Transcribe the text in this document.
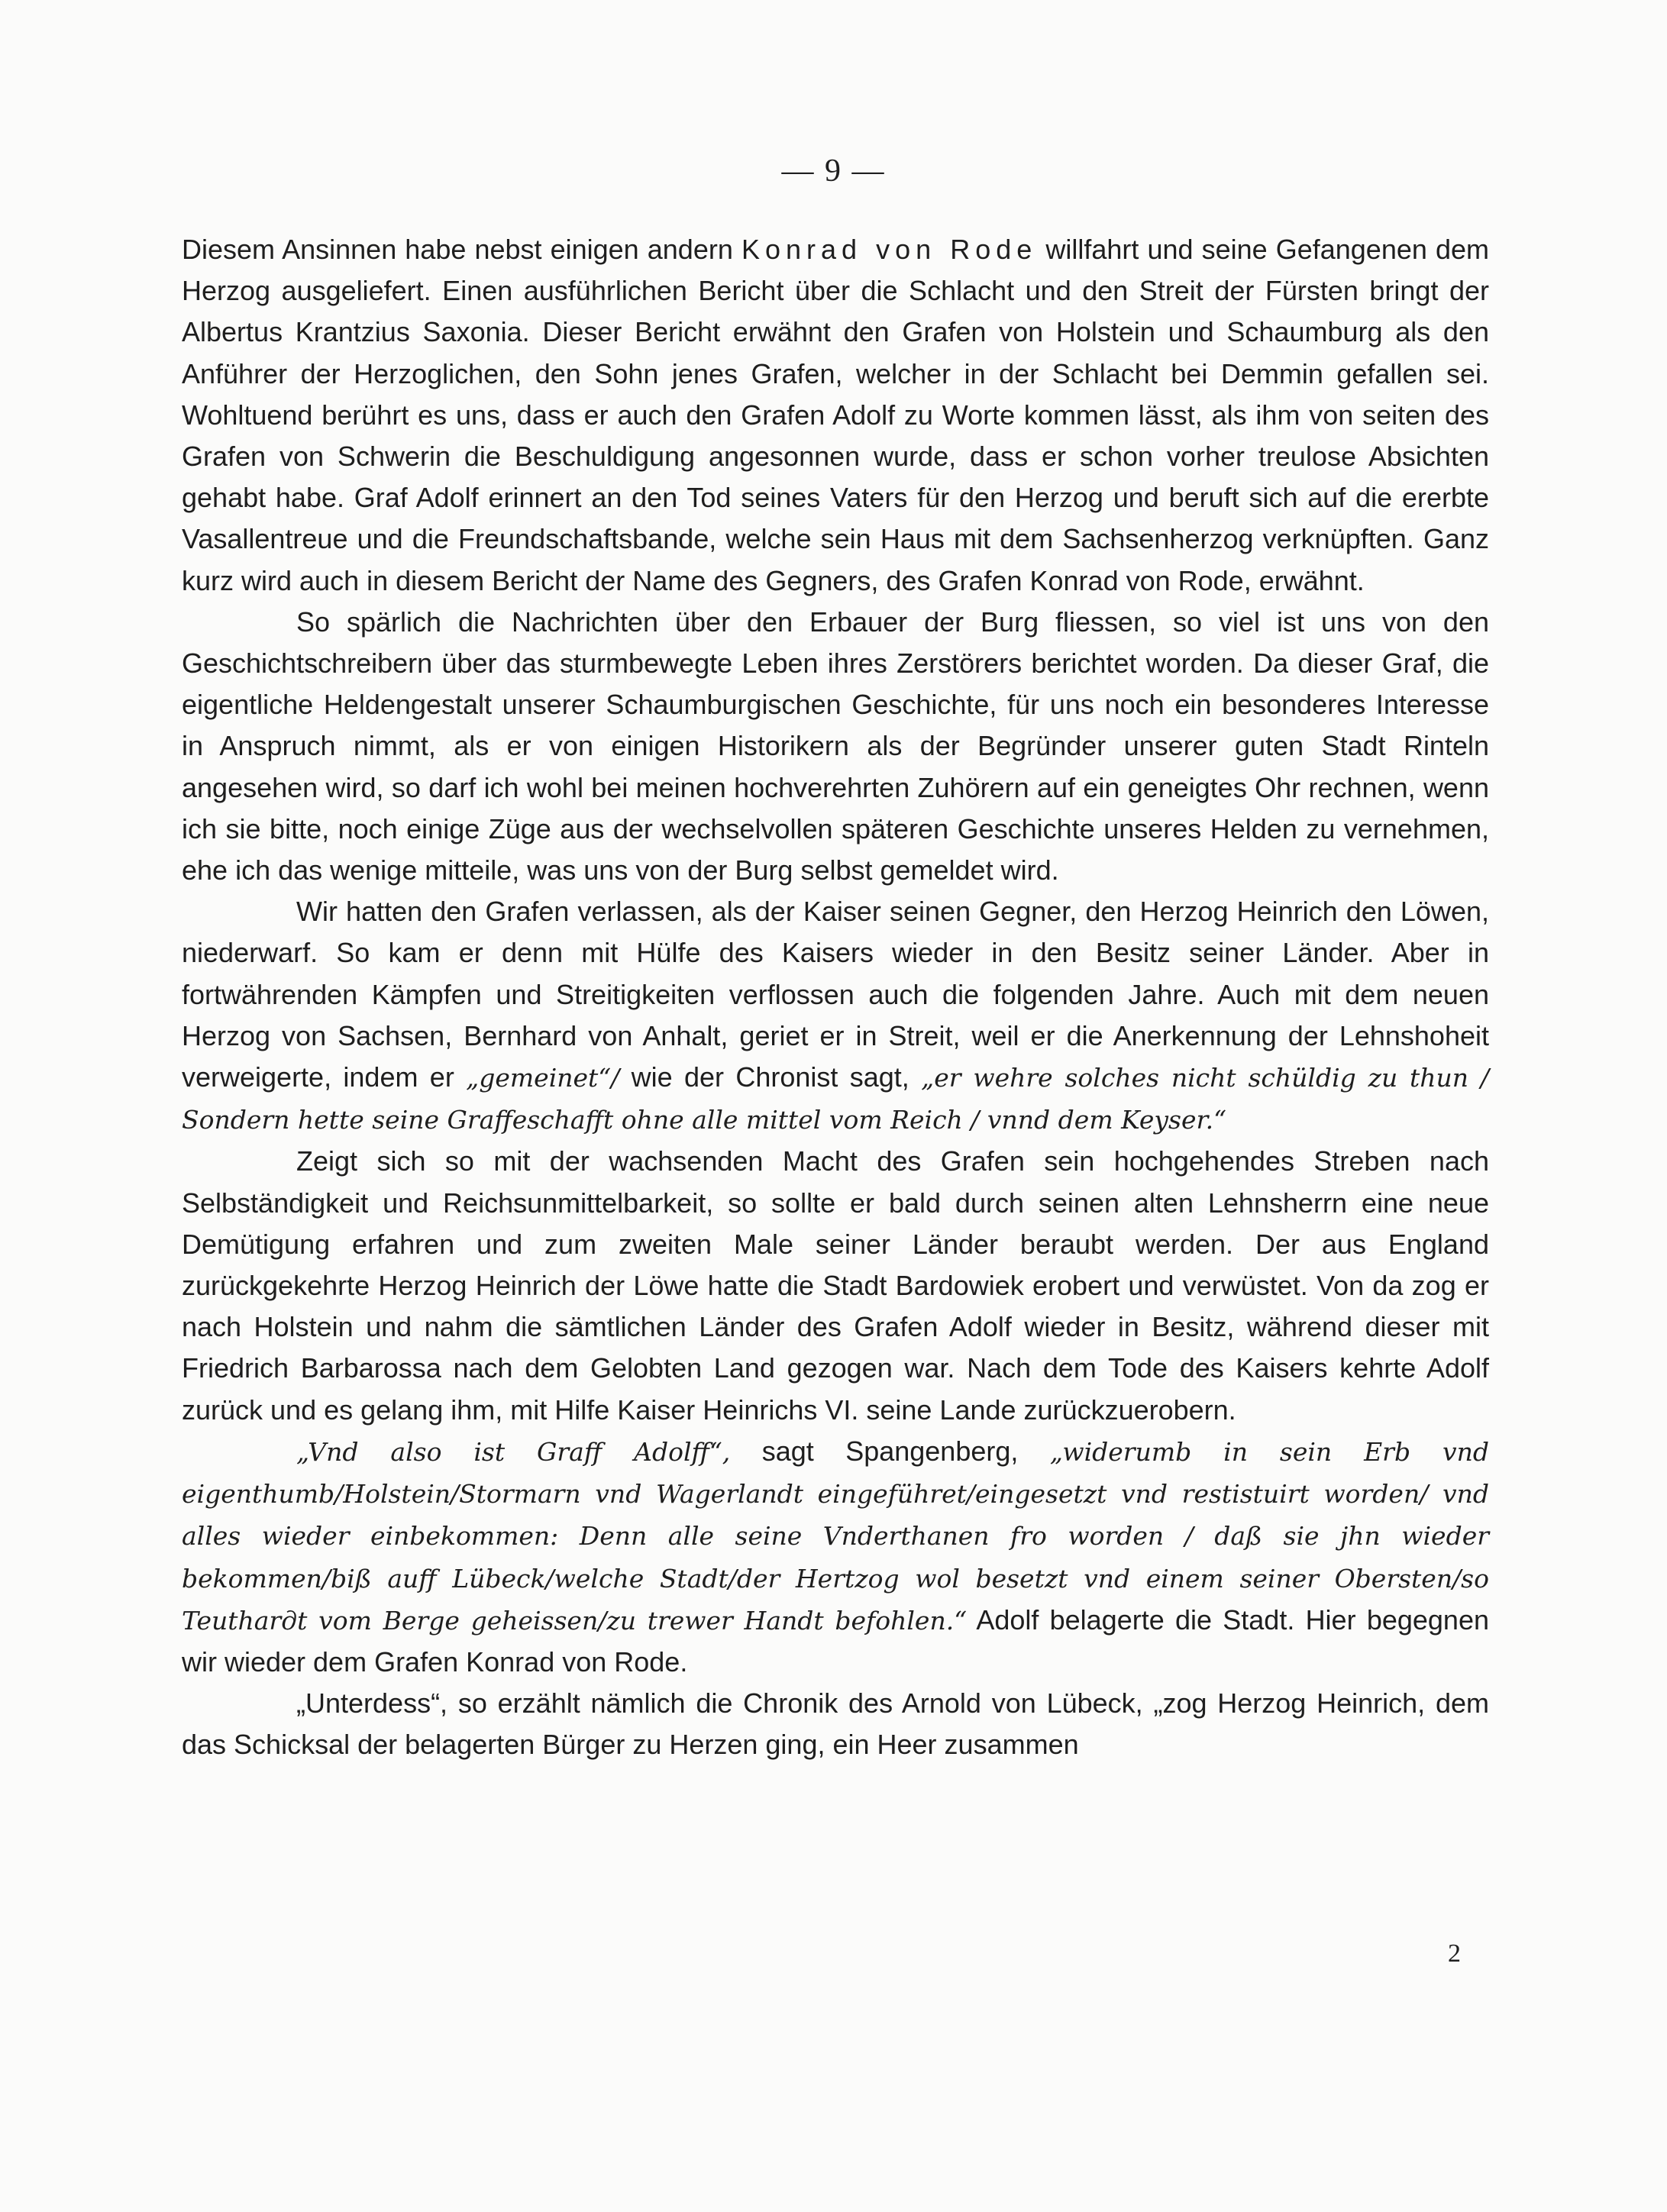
— 9 —

Diesem Ansinnen habe nebst einigen andern Konrad von Rode willfahrt und seine Gefangenen dem Herzog ausgeliefert. Einen ausführlichen Bericht über die Schlacht und den Streit der Fürsten bringt der Albertus Krantzius Saxonia. Dieser Bericht erwähnt den Grafen von Holstein und Schaumburg als den Anführer der Herzoglichen, den Sohn jenes Grafen, welcher in der Schlacht bei Demmin gefallen sei. Wohltuend berührt es uns, dass er auch den Grafen Adolf zu Worte kommen lässt, als ihm von seiten des Grafen von Schwerin die Beschuldigung angesonnen wurde, dass er schon vorher treulose Absichten gehabt habe. Graf Adolf erinnert an den Tod seines Vaters für den Herzog und beruft sich auf die ererbte Vasallentreue und die Freundschaftsbande, welche sein Haus mit dem Sachsenherzog verknüpften. Ganz kurz wird auch in diesem Bericht der Name des Gegners, des Grafen Konrad von Rode, erwähnt.

So spärlich die Nachrichten über den Erbauer der Burg fliessen, so viel ist uns von den Geschichtschreibern über das sturmbewegte Leben ihres Zerstörers berichtet worden. Da dieser Graf, die eigentliche Heldengestalt unserer Schaumburgischen Geschichte, für uns noch ein besonderes Interesse in Anspruch nimmt, als er von einigen Historikern als der Begründer unserer guten Stadt Rinteln angesehen wird, so darf ich wohl bei meinen hochverehrten Zuhörern auf ein geneigtes Ohr rechnen, wenn ich sie bitte, noch einige Züge aus der wechselvollen späteren Geschichte unseres Helden zu vernehmen, ehe ich das wenige mitteile, was uns von der Burg selbst gemeldet wird.

Wir hatten den Grafen verlassen, als der Kaiser seinen Gegner, den Herzog Heinrich den Löwen, niederwarf. So kam er denn mit Hülfe des Kaisers wieder in den Besitz seiner Länder. Aber in fortwährenden Kämpfen und Streitigkeiten verflossen auch die folgenden Jahre. Auch mit dem neuen Herzog von Sachsen, Bernhard von Anhalt, geriet er in Streit, weil er die Anerkennung der Lehnshoheit verweigerte, indem er „gemeinet“/ wie der Chronist sagt, „er wehre solches nicht schüldig zu thun / Sondern hette seine Graffeschafft ohne alle mittel vom Reich / vnnd dem Keyser.“

Zeigt sich so mit der wachsenden Macht des Grafen sein hochgehendes Streben nach Selbständigkeit und Reichsunmittelbarkeit, so sollte er bald durch seinen alten Lehnsherrn eine neue Demütigung erfahren und zum zweiten Male seiner Länder beraubt werden. Der aus England zurückgekehrte Herzog Heinrich der Löwe hatte die Stadt Bardowiek erobert und verwüstet. Von da zog er nach Holstein und nahm die sämtlichen Länder des Grafen Adolf wieder in Besitz, während dieser mit Friedrich Barbarossa nach dem Gelobten Land gezogen war. Nach dem Tode des Kaisers kehrte Adolf zurück und es gelang ihm, mit Hilfe Kaiser Heinrichs VI. seine Lande zurückzuerobern.

„Vnd also ist Graff Adolff“, sagt Spangenberg, „widerumb in sein Erb vnd eigenthumb/Holstein/Stormarn vnd Wagerlandt eingeführet/eingesetzt vnd restistuirt worden/ vnd alles wieder einbekommen: Denn alle seine Vnderthanen fro worden / daß sie jhn wieder bekommen/biß auff Lübeck/welche Stadt/der Hertzog wol besetzt vnd einem seiner Obersten/so Teutharдt vom Berge geheissen/zu trewer Handt befohlen.“ Adolf belagerte die Stadt. Hier begegnen wir wieder dem Grafen Konrad von Rode.

„Unterdess“, so erzählt nämlich die Chronik des Arnold von Lübeck, „zog Herzog Heinrich, dem das Schicksal der belagerten Bürger zu Herzen ging, ein Heer zusammen

2
